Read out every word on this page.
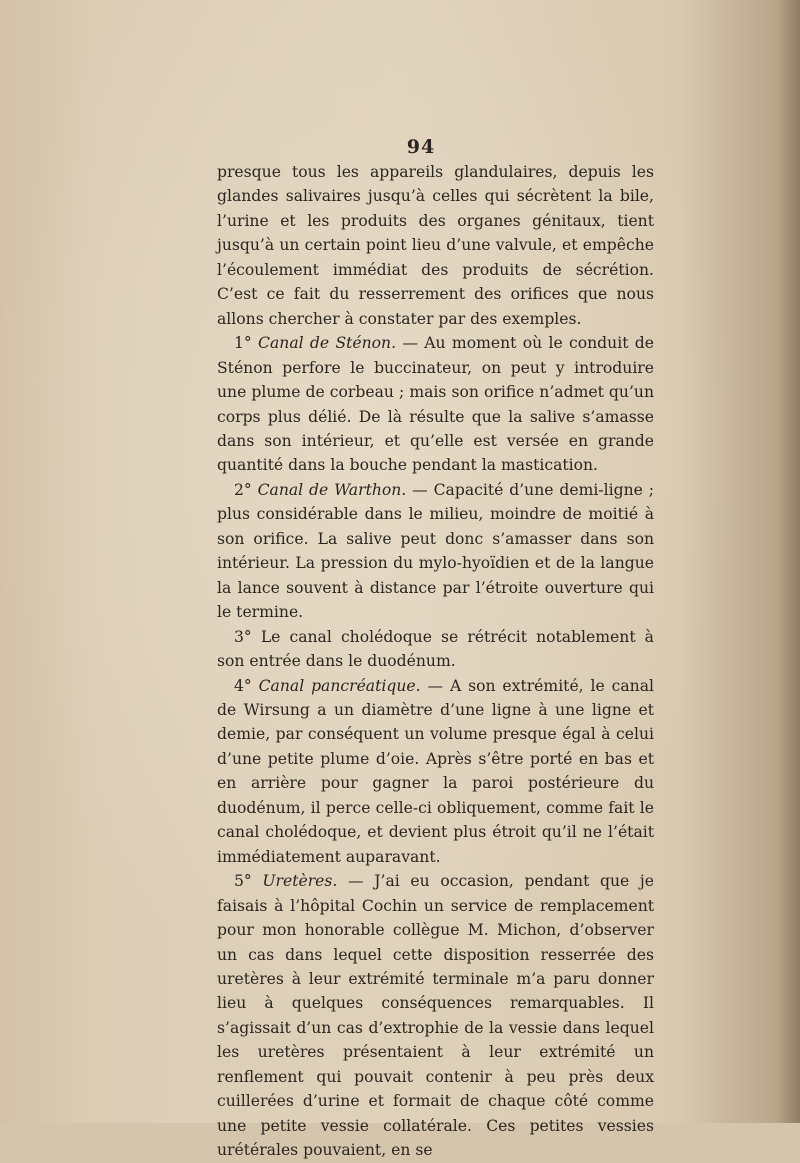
94

presque tous les appareils glandulaires, depuis les glandes salivaires jusqu’à celles qui sécrètent la bile, l’urine et les produits des organes génitaux, tient jusqu’à un certain point lieu d’une valvule, et empêche l’écoulement immédiat des produits de sécrétion. C’est ce fait du resserrement des orifices que nous allons chercher à constater par des exemples.

1° Canal de Sténon. — Au moment où le conduit de Sténon perfore le buccinateur, on peut y introduire une plume de corbeau ; mais son orifice n’admet qu’un corps plus délié. De là résulte que la salive s’amasse dans son intérieur, et qu’elle est versée en grande quantité dans la bouche pendant la mastication.

2° Canal de Warthon. — Capacité d’une demi-ligne ; plus considérable dans le milieu, moindre de moitié à son orifice. La salive peut donc s’amasser dans son intérieur. La pression du mylo-hyoïdien et de la langue la lance souvent à distance par l’étroite ouverture qui le termine.

3° Le canal cholédoque se rétrécit notablement à son entrée dans le duodénum.

4° Canal pancréatique. — A son extrémité, le canal de Wirsung a un diamètre d’une ligne à une ligne et demie, par conséquent un volume presque égal à celui d’une petite plume d’oie. Après s’être porté en bas et en arrière pour gagner la paroi postérieure du duodénum, il perce celle-ci obliquement, comme fait le canal cholédoque, et devient plus étroit qu’il ne l’était immédiatement auparavant.

5° Uretères. — J’ai eu occasion, pendant que je faisais à l’hôpital Cochin un service de remplacement pour mon honorable collègue M. Michon, d’observer un cas dans lequel cette disposition resserrée des uretères à leur extrémité terminale m’a paru donner lieu à quelques conséquences remarquables. Il s’agissait d’un cas d’extrophie de la vessie dans lequel les uretères présentaient à leur extrémité un renflement qui pouvait contenir à peu près deux cuillerées d’urine et formait de chaque côté comme une petite vessie collatérale. Ces petites vessies urétérales pouvaient, en se
